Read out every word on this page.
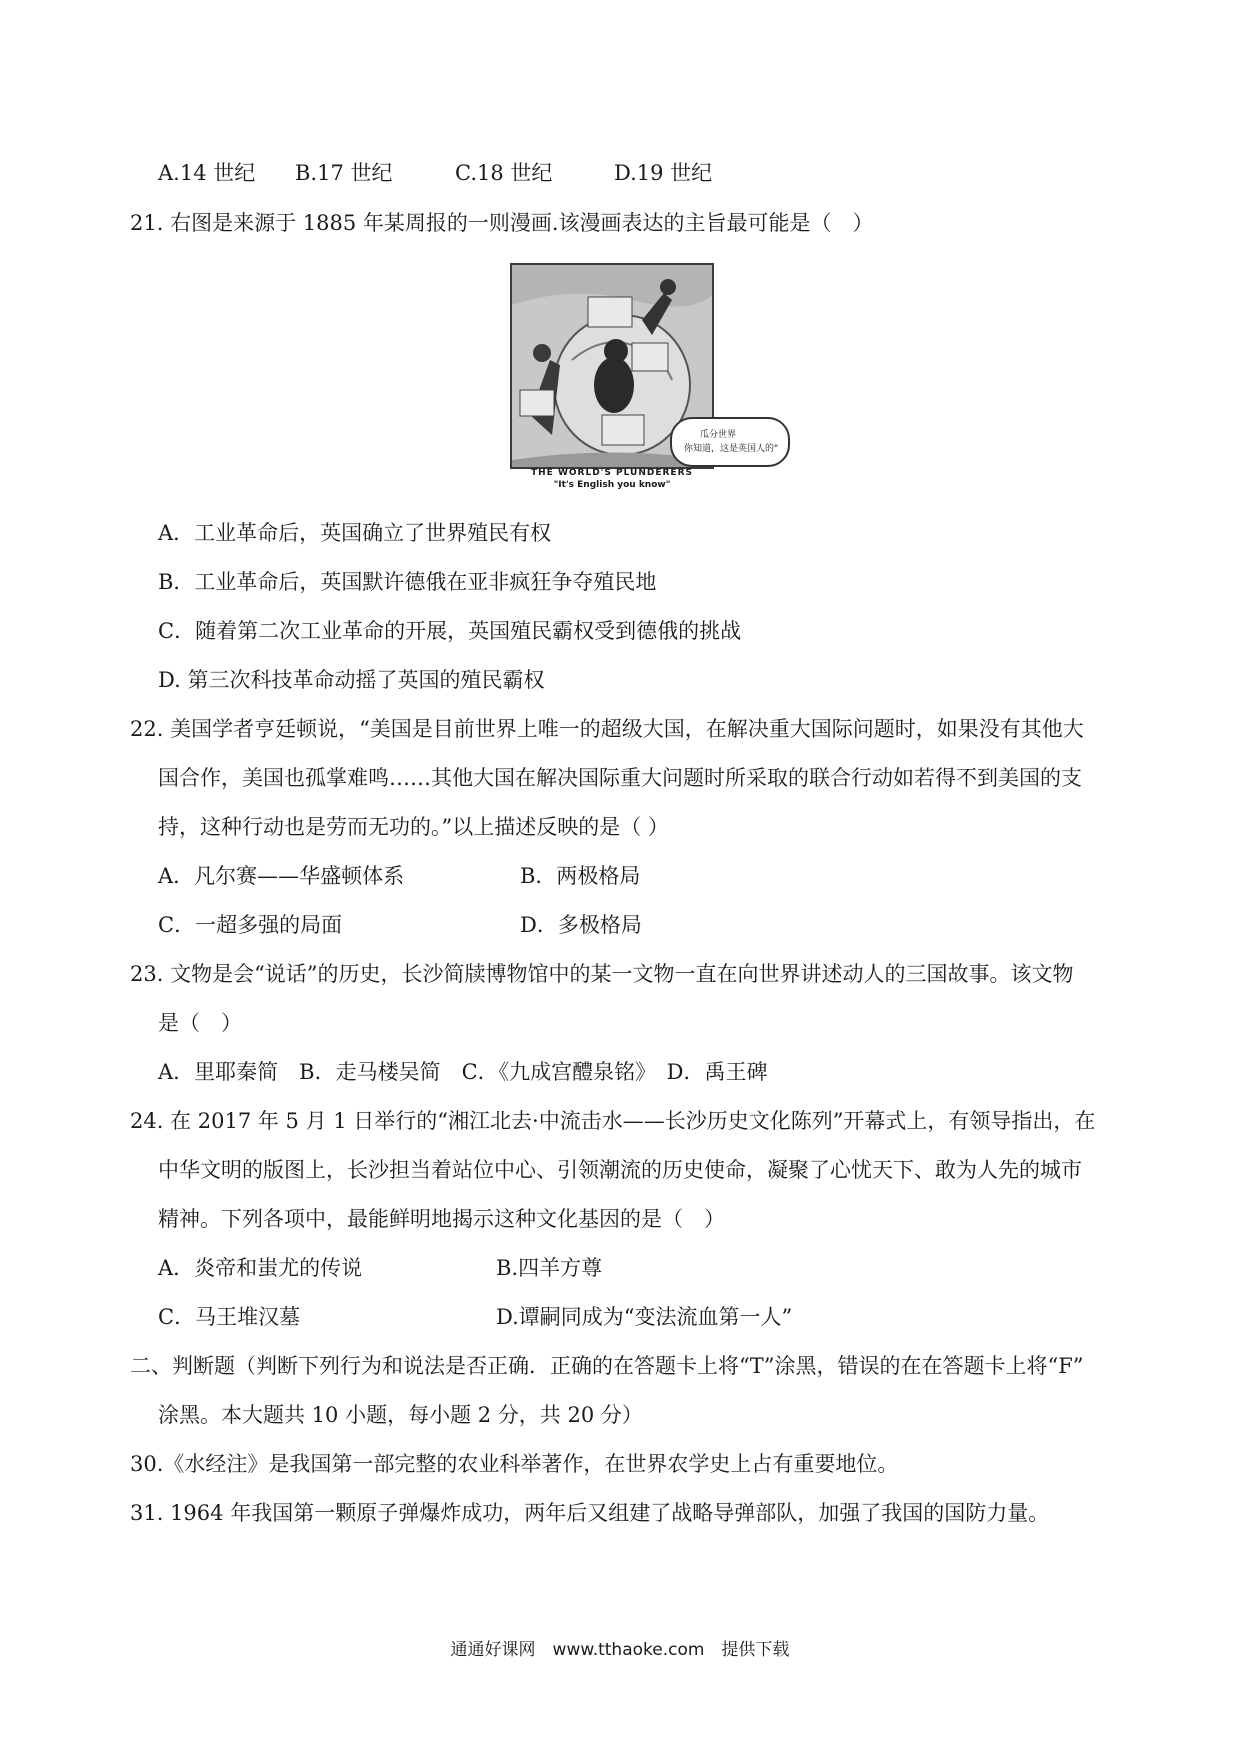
A.14 世纪 B.17 世纪	C.18 世纪	D.19 世纪
21. 右图是来源于 1885 年某周报的一则漫画.该漫画表达的主旨最可能是（　）
THE WORLD'S PLUNDERERS
"It's English you know"
瓜分世界
你知道，这是英国人的"
A．工业革命后，英国确立了世界殖民有权
B．工业革命后，英国默许德俄在亚非疯狂争夺殖民地
C．随着第二次工业革命的开展，英国殖民霸权受到德俄的挑战
D. 第三次科技革命动摇了英国的殖民霸权
22. 美国学者亨廷顿说，“美国是目前世界上唯一的超级大国，在解决重大国际问题时，如果没有其他大
国合作，美国也孤掌难鸣……其他大国在解决国际重大问题时所采取的联合行动如若得不到美国的支
持，这种行动也是劳而无功的。”以上描述反映的是（ ）
A．凡尔赛——华盛顿体系	B．两极格局
C．一超多强的局面	D．多极格局
23. 文物是会“说话”的历史，长沙简牍博物馆中的某一文物一直在向世界讲述动人的三国故事。该文物
是（　）
A．里耶秦简　B．走马楼吴简　C．《九成宫醴泉铭》　D．禹王碑
24. 在 2017 年 5 月 1 日举行的“湘江北去·中流击水——长沙历史文化陈列”开幕式上，有领导指出，在
中华文明的版图上，长沙担当着站位中心、引领潮流的历史使命，凝聚了心忧天下、敢为人先的城市
精神。下列各项中，最能鲜明地揭示这种文化基因的是（　）
A．炎帝和蚩尤的传说	B.四羊方尊
C．马王堆汉墓	D.谭嗣同成为“变法流血第一人”
二、判断题（判断下列行为和说法是否正确．正确的在答题卡上将“T”涂黑，错误的在在答题卡上将“F”
涂黑。本大题共 10 小题，每小题 2 分，共 20 分）
30.《水经注》是我国第一部完整的农业科举著作，在世界农学史上占有重要地位。
31. 1964 年我国第一颗原子弹爆炸成功，两年后又组建了战略导弹部队，加强了我国的国防力量。
通通好课网　www.tthaoke.com　提供下载
